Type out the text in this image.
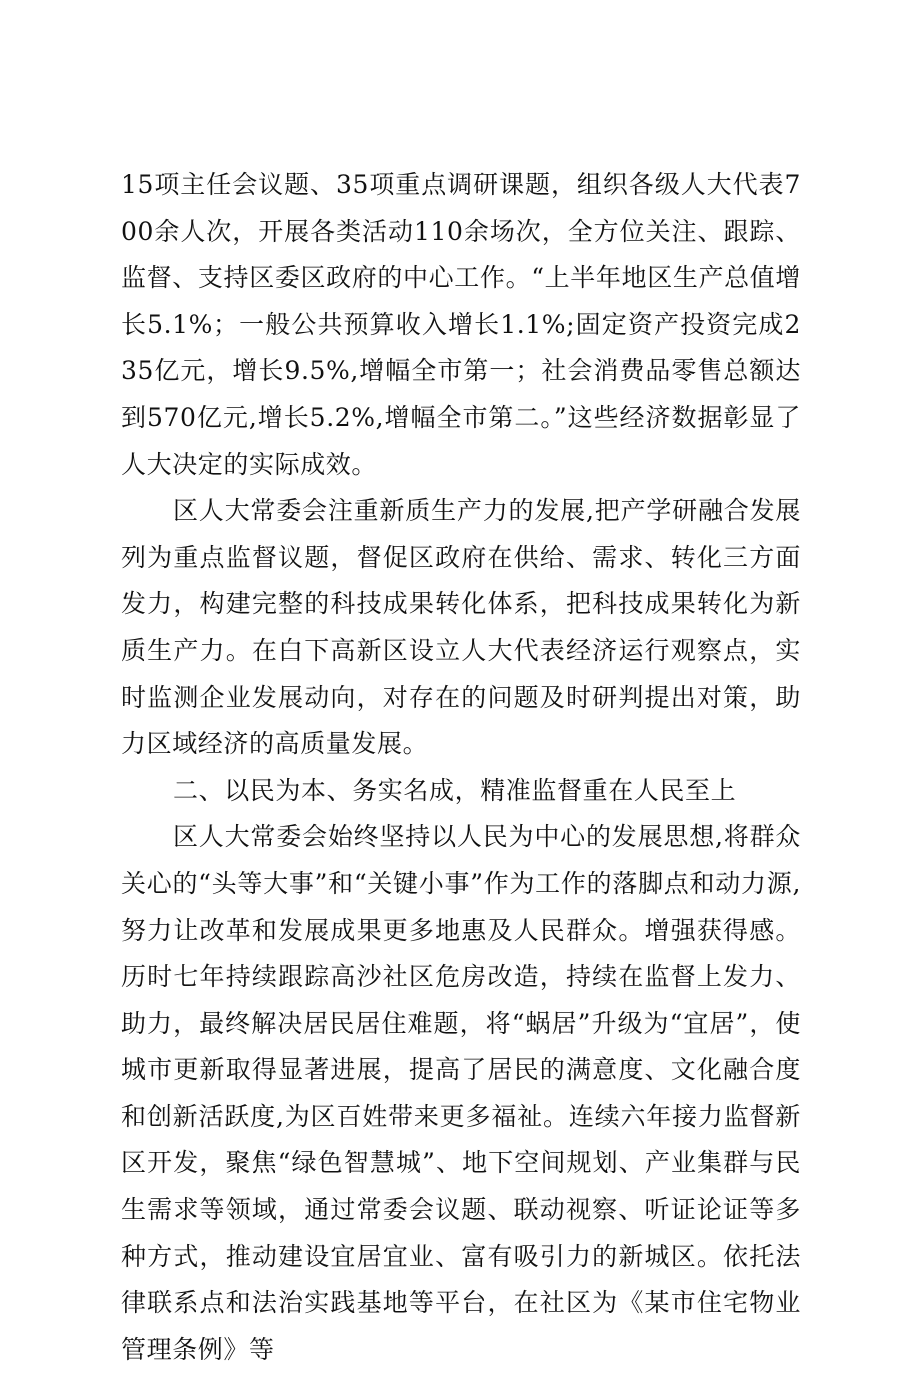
15项主任会议题、35项重点调研课题，组织各级人大代表700余人次，开展各类活动110余场次，全方位关注、跟踪、监督、支持区委区政府的中心工作。“上半年地区生产总值增长5.1%；一般公共预算收入增长1.1%;固定资产投资完成235亿元，增长9.5%,增幅全市第一；社会消费品零售总额达到570亿元,增长5.2%,增幅全市第二。”这些经济数据彰显了人大决定的实际成效。

区人大常委会注重新质生产力的发展,把产学研融合发展列为重点监督议题，督促区政府在供给、需求、转化三方面发力，构建完整的科技成果转化体系，把科技成果转化为新质生产力。在白下高新区设立人大代表经济运行观察点，实时监测企业发展动向，对存在的问题及时研判提出对策，助力区域经济的高质量发展。

二、以民为本、务实名成，精准监督重在人民至上

区人大常委会始终坚持以人民为中心的发展思想,将群众关心的“头等大事”和“关键小事”作为工作的落脚点和动力源,努力让改革和发展成果更多地惠及人民群众。增强获得感。历时七年持续跟踪高沙社区危房改造，持续在监督上发力、助力，最终解决居民居住难题，将“蜗居”升级为“宜居”，使城市更新取得显著进展，提高了居民的满意度、文化融合度和创新活跃度,为区百姓带来更多福祉。连续六年接力监督新区开发，聚焦“绿色智慧城”、地下空间规划、产业集群与民生需求等领域，通过常委会议题、联动视察、听证论证等多种方式，推动建设宜居宜业、富有吸引力的新城区。依托法律联系点和法治实践基地等平台，在社区为《某市住宅物业管理条例》等
